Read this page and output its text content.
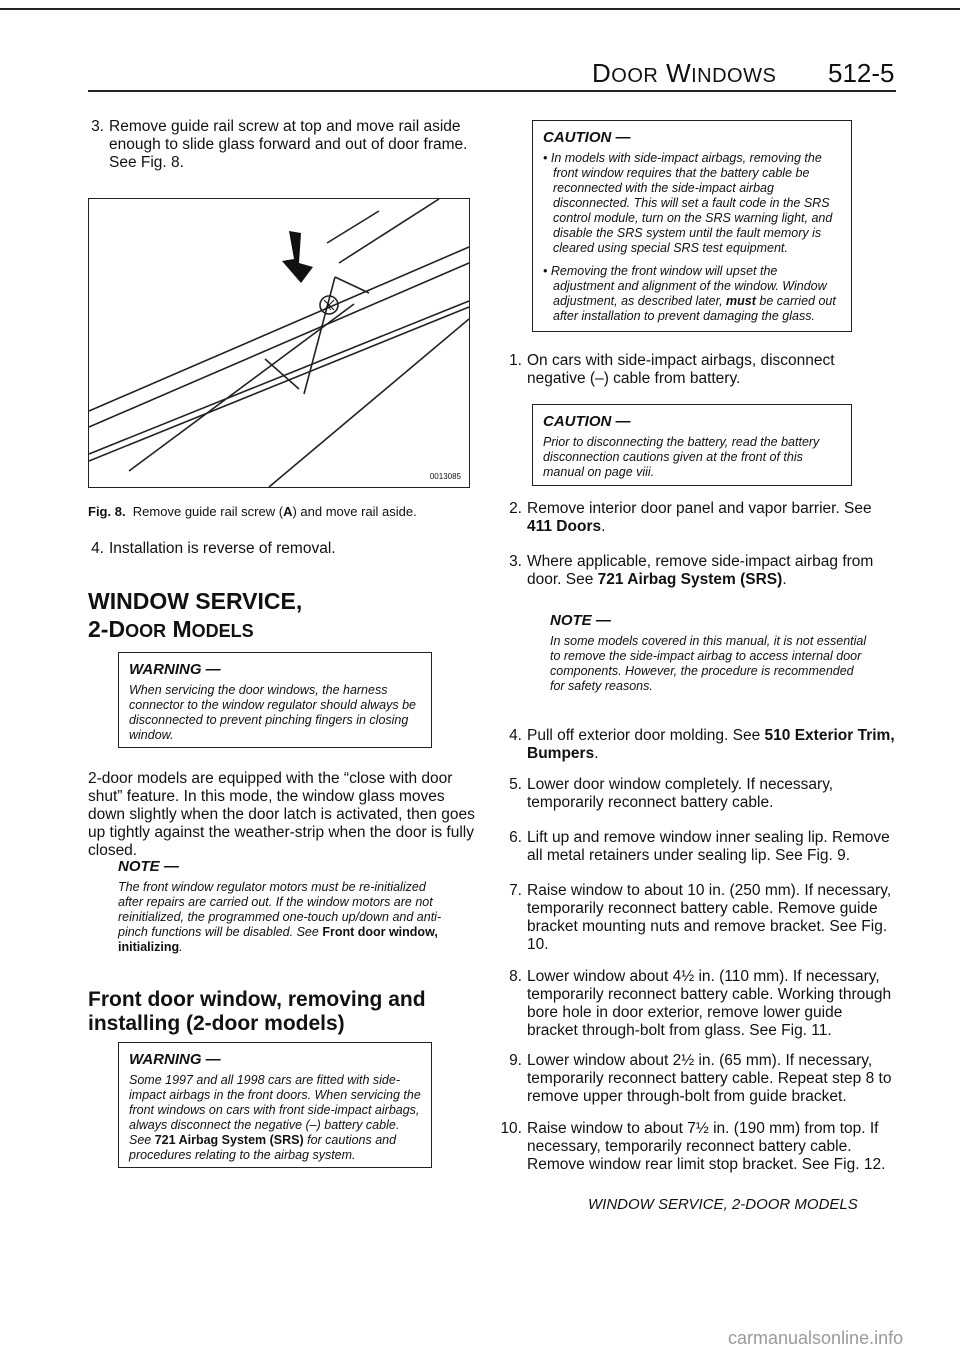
DOOR WINDOWS 512-5
3. Remove guide rail screw at top and move rail aside enough to slide glass forward and out of door frame. See Fig. 8.
A
0013085
Fig. 8. Remove guide rail screw (A) and move rail aside.
4. Installation is reverse of removal.
WINDOW SERVICE,
2-DOOR MODELS
WARNING —
When servicing the door windows, the harness connector to the window regulator should always be disconnected to prevent pinching fingers in closing window.
2-door models are equipped with the “close with door shut” feature. In this mode, the window glass moves down slightly when the door latch is activated, then goes up tightly against the weather-strip when the door is fully closed.
NOTE —
The front window regulator motors must be re-initialized after repairs are carried out. If the window motors are not reinitialized, the programmed one-touch up/down and anti-pinch functions will be disabled. See Front door window, initializing.
Front door window, removing and installing (2-door models)
WARNING —
Some 1997 and all 1998 cars are fitted with side-impact airbags in the front doors. When servicing the front windows on cars with front side-impact airbags, always disconnect the negative (–) battery cable. See 721 Airbag System (SRS) for cautions and procedures relating to the airbag system.
CAUTION —
• In models with side-impact airbags, removing the front window requires that the battery cable be reconnected with the side-impact airbag disconnected. This will set a fault code in the SRS control module, turn on the SRS warning light, and disable the SRS system until the fault memory is cleared using special SRS test equipment.
• Removing the front window will upset the adjustment and alignment of the window. Window adjustment, as described later, must be carried out after installation to prevent damaging the glass.
1. On cars with side-impact airbags, disconnect negative (–) cable from battery.
CAUTION —
Prior to disconnecting the battery, read the battery disconnection cautions given at the front of this manual on page viii.
2. Remove interior door panel and vapor barrier. See 411 Doors.
3. Where applicable, remove side-impact airbag from door. See 721 Airbag System (SRS).
NOTE —
In some models covered in this manual, it is not essential to remove the side-impact airbag to access internal door components. However, the procedure is recommended for safety reasons.
4. Pull off exterior door molding. See 510 Exterior Trim, Bumpers.
5. Lower door window completely. If necessary, temporarily reconnect battery cable.
6. Lift up and remove window inner sealing lip. Remove all metal retainers under sealing lip. See Fig. 9.
7. Raise window to about 10 in. (250 mm). If necessary, temporarily reconnect battery cable. Remove guide bracket mounting nuts and remove bracket. See Fig. 10.
8. Lower window about 4½ in. (110 mm). If necessary, temporarily reconnect battery cable. Working through bore hole in door exterior, remove lower guide bracket through-bolt from glass. See Fig. 11.
9. Lower window about 2½ in. (65 mm). If necessary, temporarily reconnect battery cable. Repeat step 8 to remove upper through-bolt from guide bracket.
10. Raise window to about 7½ in. (190 mm) from top. If necessary, temporarily reconnect battery cable. Remove window rear limit stop bracket. See Fig. 12.
WINDOW SERVICE, 2-DOOR MODELS
carmanualsonline.info
